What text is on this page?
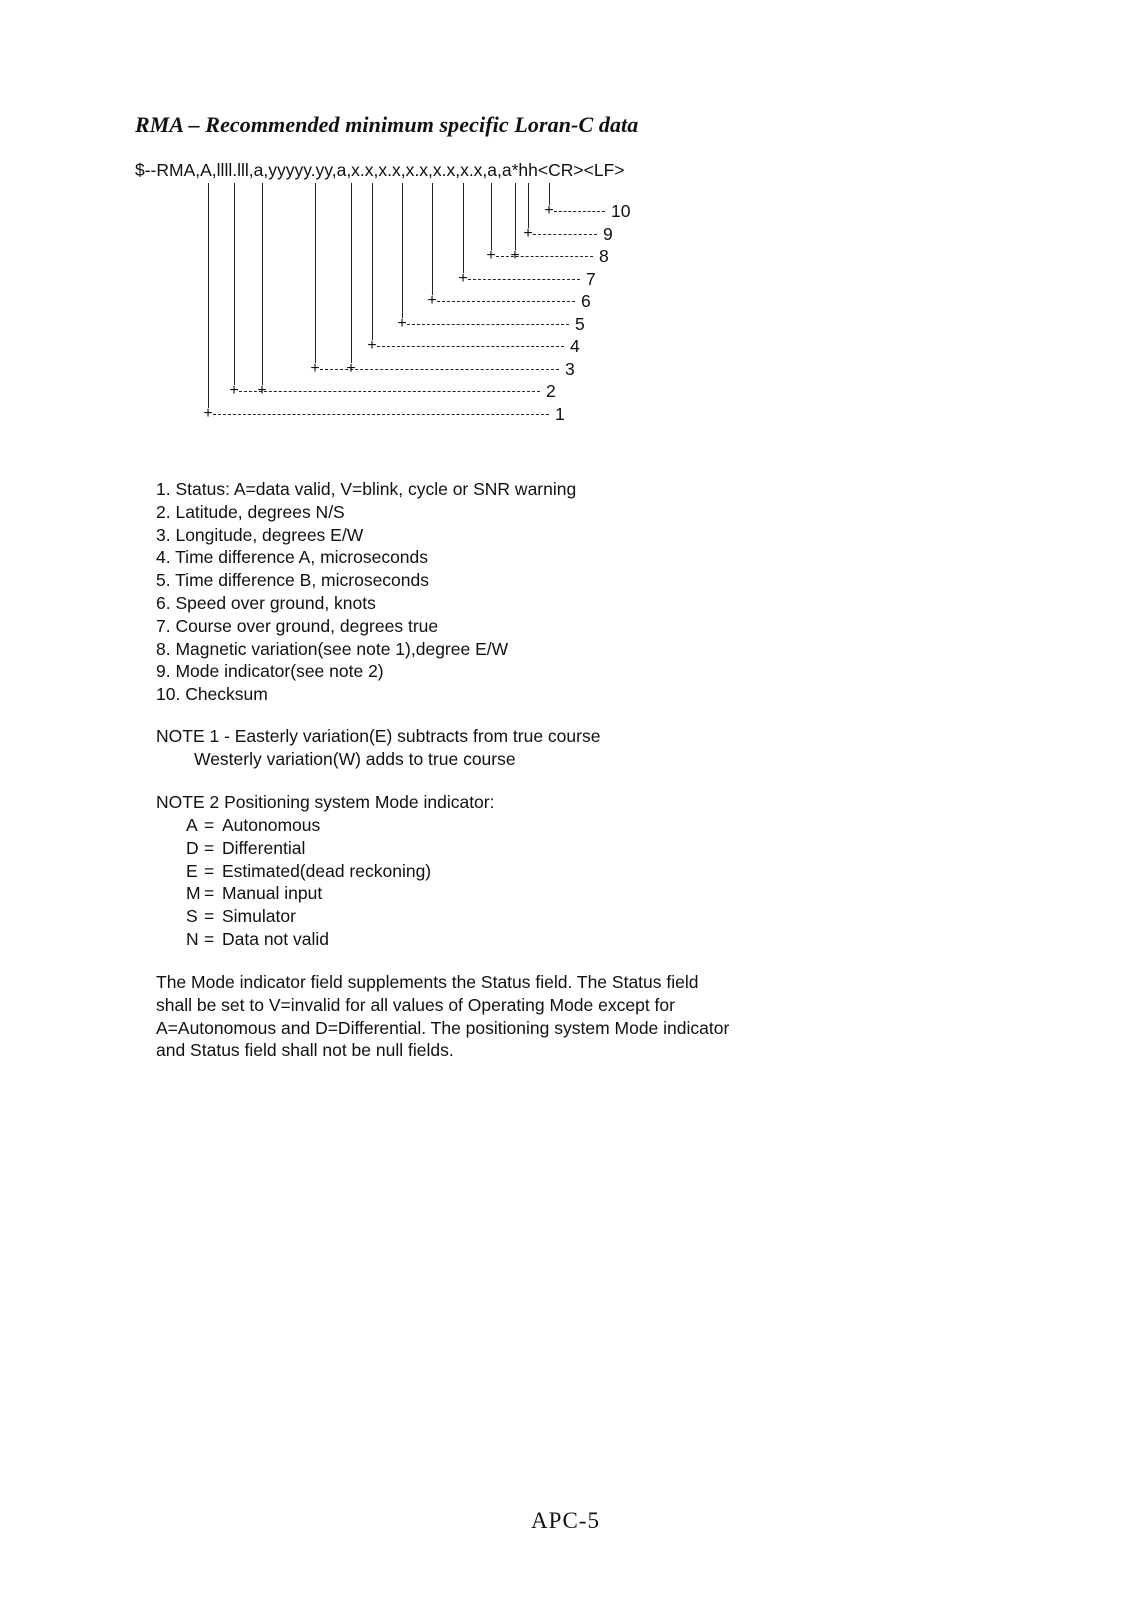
RMA – Recommended minimum specific Loran-C data
$--RMA,A,llll.lll,a,yyyyy.yy,a,x.x,x.x,x.x,x.x,x.x,a,a*hh<CR><LF>
+	10
+	9
+ +	8
+	7
+	6
+	5
+	4
+ +	3
+ +	2
+	1
1. Status: A=data valid, V=blink, cycle or SNR warning
2. Latitude, degrees N/S
3. Longitude, degrees E/W
4. Time difference A, microseconds
5. Time difference B, microseconds
6. Speed over ground, knots
7. Course over ground, degrees true
8. Magnetic variation(see note 1),degree E/W
9. Mode indicator(see note 2)
10. Checksum
NOTE 1 - Easterly variation(E) subtracts from true course
Westerly variation(W) adds to true course
NOTE 2 Positioning system Mode indicator:
A = Autonomous
D = Differential
E = Estimated(dead reckoning)
M = Manual input
S = Simulator
N = Data not valid
The Mode indicator field supplements the Status field. The Status field
shall be set to V=invalid for all values of Operating Mode except for
A=Autonomous and D=Differential. The positioning system Mode indicator
and Status field shall not be null fields.
APC-5
